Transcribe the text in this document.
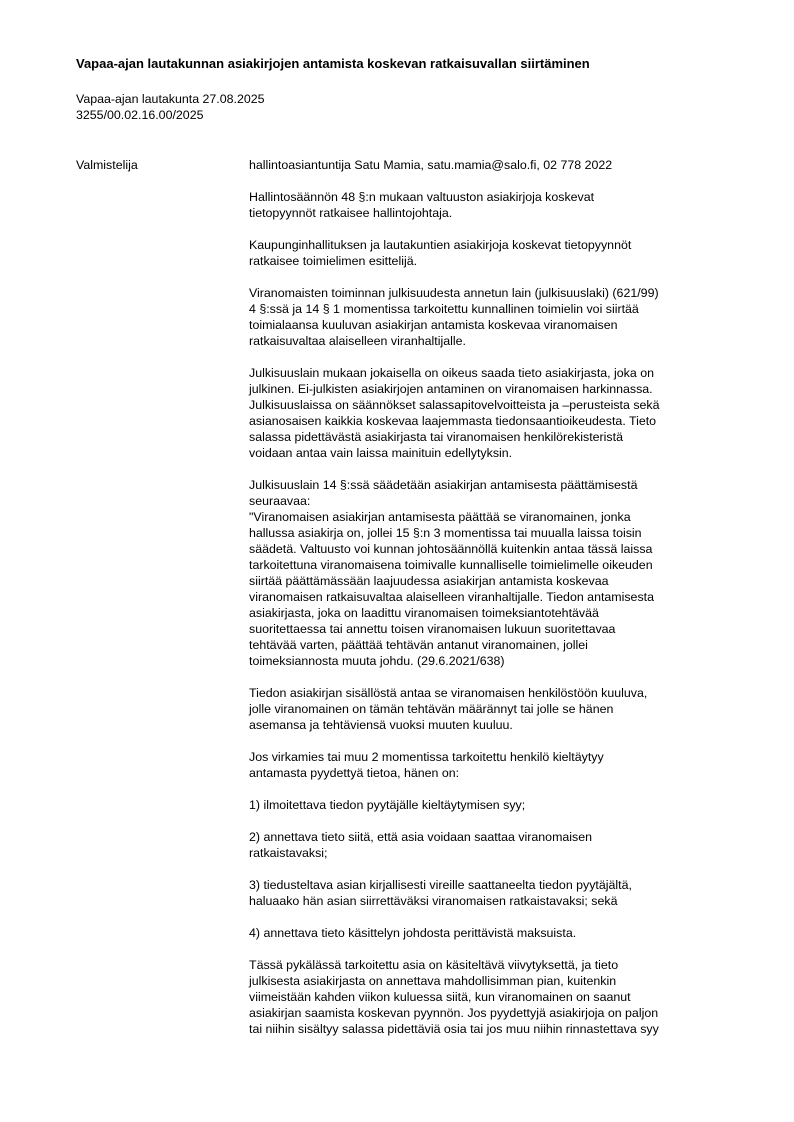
Vapaa-ajan lautakunnan asiakirjojen antamista koskevan ratkaisuvallan siirtäminen
Vapaa-ajan lautakunta 27.08.2025
3255/00.02.16.00/2025
Valmistelija	hallintoasiantuntija Satu Mamia, satu.mamia@salo.fi, 02 778 2022

Hallintosäännön 48 §:n mukaan valtuuston asiakirjoja koskevat
tietopyynnöt ratkaisee hallintojohtaja.

Kaupunginhallituksen ja lautakuntien asiakirjoja koskevat tietopyynnöt
ratkaisee toimielimen esittelijä.

Viranomaisten toiminnan julkisuudesta annetun lain (julkisuuslaki) (621/99)
4 §:ssä ja 14 § 1 momentissa tarkoitettu kunnallinen toimielin voi siirtää
toimialaansa kuuluvan asiakirjan antamista koskevaa viranomaisen
ratkaisuvaltaa alaiselleen viranhaltijalle.

Julkisuuslain mukaan jokaisella on oikeus saada tieto asiakirjasta, joka on
julkinen. Ei-julkisten asiakirjojen antaminen on viranomaisen harkinnassa.
Julkisuuslaissa on säännökset salassapitovelvoitteista ja –perusteista sekä
asianosaisen kaikkia koskevaa laajemmasta tiedonsaantioikeudesta. Tieto
salassa pidettävästä asiakirjasta tai viranomaisen henkilörekisteristä
voidaan antaa vain laissa mainituin edellytyksin.

Julkisuuslain 14 §:ssä säädetään asiakirjan antamisesta päättämisestä
seuraavaa:
"Viranomaisen asiakirjan antamisesta päättää se viranomainen, jonka
hallussa asiakirja on, jollei 15 §:n 3 momentissa tai muualla laissa toisin
säädetä. Valtuusto voi kunnan johtosäännöllä kuitenkin antaa tässä laissa
tarkoitettuna viranomaisena toimivalle kunnalliselle toimielimelle oikeuden
siirtää päättämässään laajuudessa asiakirjan antamista koskevaa
viranomaisen ratkaisuvaltaa alaiselleen viranhaltijalle. Tiedon antamisesta
asiakirjasta, joka on laadittu viranomaisen toimeksiantotehtävää
suoritettaessa tai annettu toisen viranomaisen lukuun suoritettavaa
tehtävää varten, päättää tehtävän antanut viranomainen, jollei
toimeksiannosta muuta johdu. (29.6.2021/638)

Tiedon asiakirjan sisällöstä antaa se viranomaisen henkilöstöön kuuluva,
jolle viranomainen on tämän tehtävän määrännyt tai jolle se hänen
asemansa ja tehtäviensä vuoksi muuten kuuluu.

Jos virkamies tai muu 2 momentissa tarkoitettu henkilö kieltäytyy
antamasta pyydettyä tietoa, hänen on:

1) ilmoitettava tiedon pyytäjälle kieltäytymisen syy;

2) annettava tieto siitä, että asia voidaan saattaa viranomaisen
ratkaistavaksi;

3) tiedusteltava asian kirjallisesti vireille saattaneelta tiedon pyytäjältä,
haluaako hän asian siirrettäväksi viranomaisen ratkaistavaksi; sekä

4) annettava tieto käsittelyn johdosta perittävistä maksuista.

Tässä pykälässä tarkoitettu asia on käsiteltävä viivytyksettä, ja tieto
julkisesta asiakirjasta on annettava mahdollisimman pian, kuitenkin
viimeistään kahden viikon kuluessa siitä, kun viranomainen on saanut
asiakirjan saamista koskevan pyynnön. Jos pyydettyjä asiakirjoja on paljon
tai niihin sisältyy salassa pidettäviä osia tai jos muu niihin rinnastettava syy
